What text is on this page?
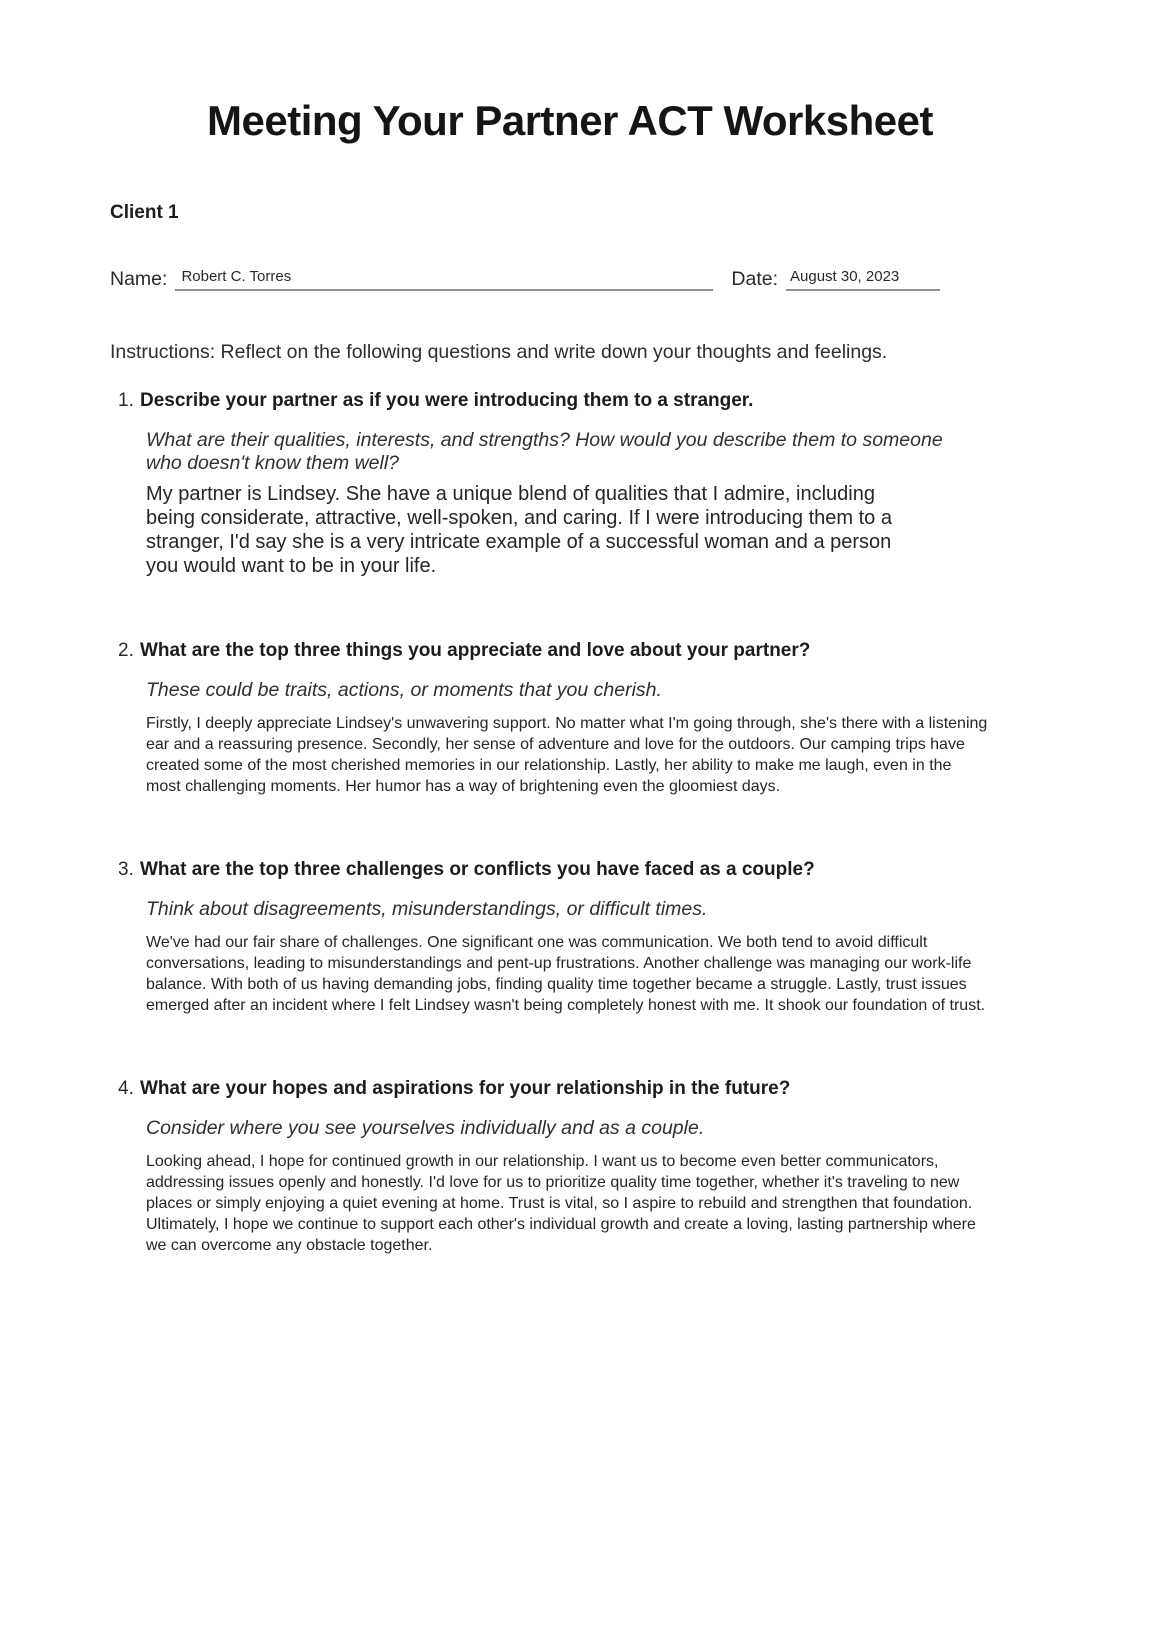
Meeting Your Partner ACT Worksheet
Client 1
Name: Robert C. Torres	Date: August 30, 2023
Instructions: Reflect on the following questions and write down your thoughts and feelings.
1. Describe your partner as if you were introducing them to a stranger.
What are their qualities, interests, and strengths? How would you describe them to someone who doesn't know them well?
My partner is Lindsey. She have a unique blend of qualities that I admire, including being considerate, attractive, well-spoken, and caring. If I were introducing them to a stranger, I'd say she is a very intricate example of a successful woman and a person you would want to be in your life.
2. What are the top three things you appreciate and love about your partner?
These could be traits, actions, or moments that you cherish.
Firstly, I deeply appreciate Lindsey's unwavering support. No matter what I'm going through, she's there with a listening ear and a reassuring presence. Secondly, her sense of adventure and love for the outdoors. Our camping trips have created some of the most cherished memories in our relationship. Lastly, her ability to make me laugh, even in the most challenging moments. Her humor has a way of brightening even the gloomiest days.
3. What are the top three challenges or conflicts you have faced as a couple?
Think about disagreements, misunderstandings, or difficult times.
We've had our fair share of challenges. One significant one was communication. We both tend to avoid difficult conversations, leading to misunderstandings and pent-up frustrations. Another challenge was managing our work-life balance. With both of us having demanding jobs, finding quality time together became a struggle. Lastly, trust issues emerged after an incident where I felt Lindsey wasn't being completely honest with me. It shook our foundation of trust.
4. What are your hopes and aspirations for your relationship in the future?
Consider where you see yourselves individually and as a couple.
Looking ahead, I hope for continued growth in our relationship. I want us to become even better communicators, addressing issues openly and honestly. I'd love for us to prioritize quality time together, whether it's traveling to new places or simply enjoying a quiet evening at home. Trust is vital, so I aspire to rebuild and strengthen that foundation. Ultimately, I hope we continue to support each other's individual growth and create a loving, lasting partnership where we can overcome any obstacle together.
